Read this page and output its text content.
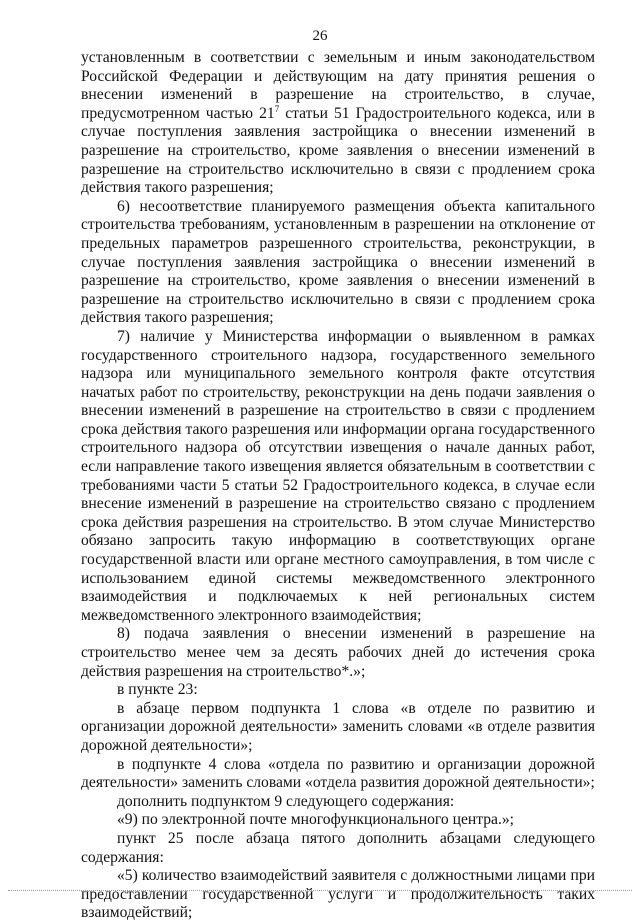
26

установленным в соответствии с земельным и иным законодательством Российской Федерации и действующим на дату принятия решения о внесении изменений в разрешение на строительство, в случае, предусмотренном частью $21^7$ статьи 51 Градостроительного кодекса, или в случае поступления заявления застройщика о внесении изменений в разрешение на строительство, кроме заявления о внесении изменений в разрешение на строительство исключительно в связи с продлением срока действия такого разрешения;

6) несоответствие планируемого размещения объекта капитального строительства требованиям, установленным в разрешении на отклонение от предельных параметров разрешенного строительства, реконструкции, в случае поступления заявления застройщика о внесении изменений в разрешение на строительство, кроме заявления о внесении изменений в разрешение на строительство исключительно в связи с продлением срока действия такого разрешения;

7) наличие у Министерства информации о выявленном в рамках государственного строительного надзора, государственного земельного надзора или муниципального земельного контроля факте отсутствия начатых работ по строительству, реконструкции на день подачи заявления о внесении изменений в разрешение на строительство в связи с продлением срока действия такого разрешения или информации органа государственного строительного надзора об отсутствии извещения о начале данных работ, если направление такого извещения является обязательным в соответствии с требованиями части 5 статьи 52 Градостроительного кодекса, в случае если внесение изменений в разрешение на строительство связано с продлением срока действия разрешения на строительство. В этом случае Министерство обязано запросить такую информацию в соответствующих органе государственной власти или органе местного самоуправления, в том числе с использованием единой системы межведомственного электронного взаимодействия и подключаемых к ней региональных систем межведомственного электронного взаимодействия;

8) подача заявления о внесении изменений в разрешение на строительство менее чем за десять рабочих дней до истечения срока действия разрешения на строительство*.»;

в пункте 23:

в абзаце первом подпункта 1 слова «в отделе по развитию и организации дорожной деятельности» заменить словами «в отделе развития дорожной деятельности»;

в подпункте 4 слова «отдела по развитию и организации дорожной деятельности» заменить словами «отдела развития дорожной деятельности»;

дополнить подпунктом 9 следующего содержания:

«9) по электронной почте многофункционального центра.»;

пункт 25 после абзаца пятого дополнить абзацами следующего содержания:

«5) количество взаимодействий заявителя с должностными лицами при предоставлении государственной услуги и продолжительность таких взаимодействий;
